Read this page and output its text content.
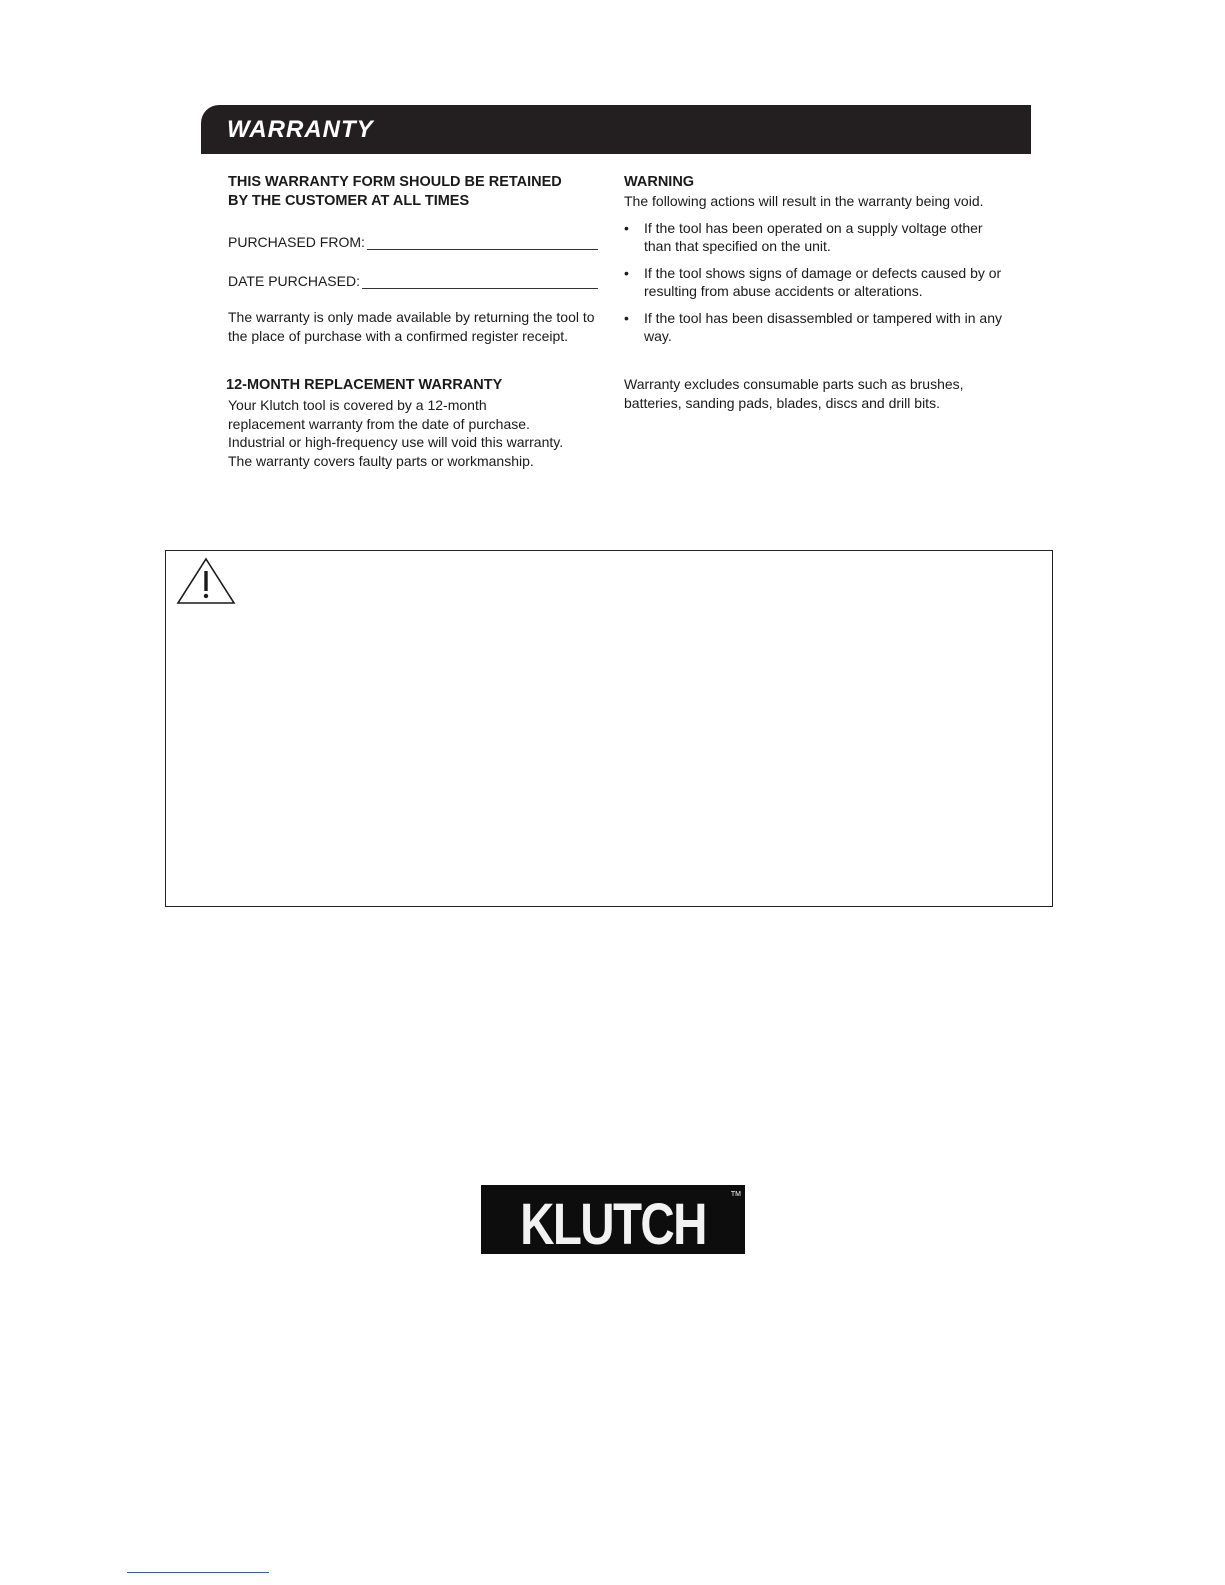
WARRANTY

THIS WARRANTY FORM SHOULD BE RETAINED
BY THE CUSTOMER AT ALL TIMES

PURCHASED FROM:
DATE PURCHASED:

The warranty is only made available by returning the tool to the place of purchase with a confirmed register receipt.

12-MONTH REPLACEMENT WARRANTY

Your Klutch tool is covered by a 12-month
replacement warranty from the date of purchase.
Industrial or high-frequency use will void this warranty.
The warranty covers faulty parts or workmanship.

WARNING

The following actions will result in the warranty being void.

• If the tool has been operated on a supply voltage other than that specified on the unit.
• If the tool shows signs of damage or defects caused by or resulting from abuse accidents or alterations.
• If the tool has been disassembled or tampered with in any way.

Warranty excludes consumable parts such as brushes, batteries, sanding pads, blades, discs and drill bits.

KLUTCH	TM
